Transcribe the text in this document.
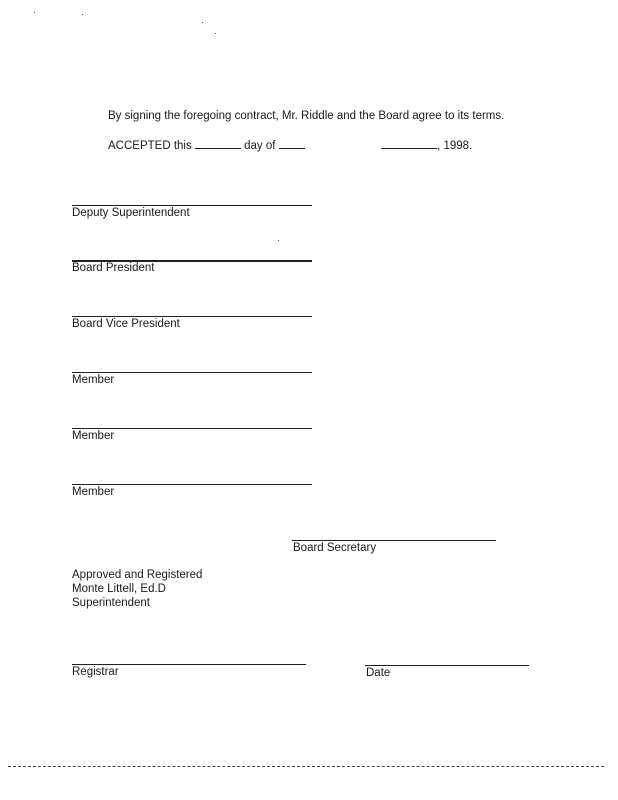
By signing the foregoing contract, Mr. Riddle and the Board agree to its terms.
ACCEPTED this	day of	, 1998.
Deputy Superintendent
Board President
Board Vice President
Member
Member
Member
Board Secretary
Approved and Registered
Monte Littell, Ed.D
Superintendent
Registrar	Date
